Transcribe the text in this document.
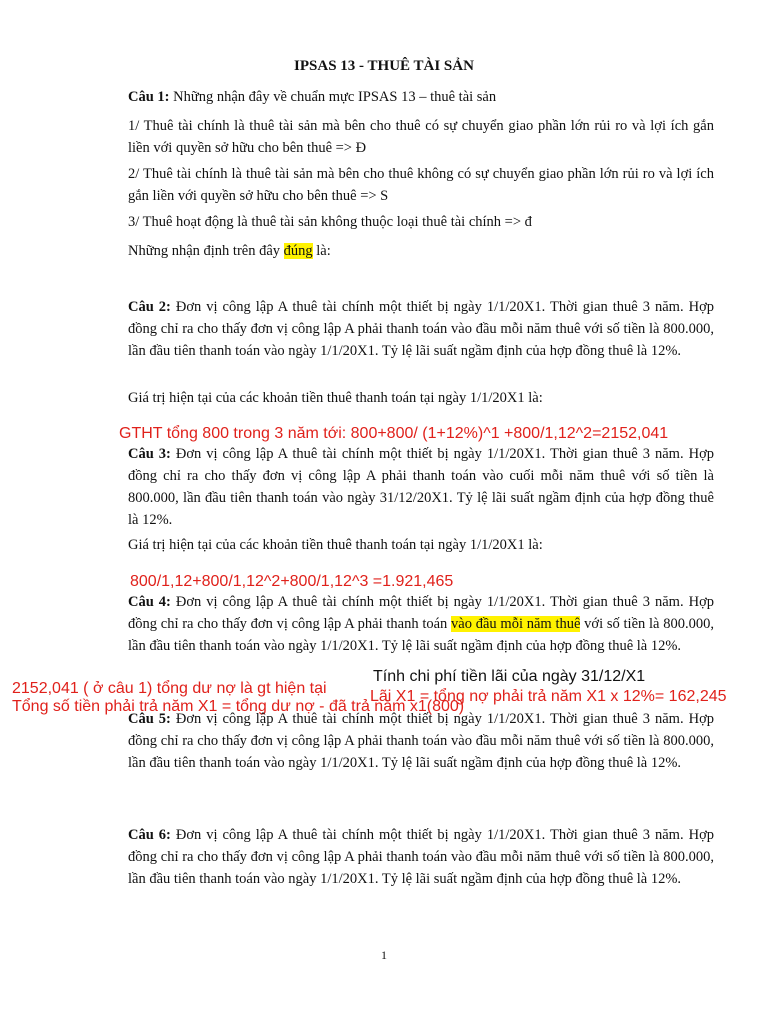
IPSAS 13 - THUÊ TÀI SẢN
Câu 1: Những nhận đây về chuẩn mực IPSAS 13 – thuê tài sản
1/ Thuê tài chính là thuê tài sản mà bên cho thuê có sự chuyển giao phần lớn rủi ro và lợi ích gắn liền với quyền sở hữu cho bên thuê => Đ
2/ Thuê tài chính là thuê tài sản mà bên cho thuê không có sự chuyển giao phần lớn rủi ro và lợi ích gắn liền với quyền sở hữu cho bên thuê => S
3/ Thuê hoạt động là thuê tài sản không thuộc loại thuê tài chính => đ
Những nhận định trên đây đúng là:
Câu 2: Đơn vị công lập A thuê tài chính một thiết bị ngày 1/1/20X1. Thời gian thuê 3 năm. Hợp đồng chỉ ra cho thấy đơn vị công lập A phải thanh toán vào đầu mỗi năm thuê với số tiền là 800.000, lần đầu tiên thanh toán vào ngày 1/1/20X1. Tỷ lệ lãi suất ngầm định của hợp đồng thuê là 12%.
Giá trị hiện tại của các khoản tiền thuê thanh toán tại ngày 1/1/20X1 là:
GTHT tổng 800 trong 3 năm tới: 800+800/ (1+12%)^1 +800/1,12^2=2152,041
Câu 3: Đơn vị công lập A thuê tài chính một thiết bị ngày 1/1/20X1. Thời gian thuê 3 năm. Hợp đồng chỉ ra cho thấy đơn vị công lập A phải thanh toán vào cuối mỗi năm thuê với số tiền là 800.000, lần đầu tiên thanh toán vào ngày 31/12/20X1. Tỷ lệ lãi suất ngầm định của hợp đồng thuê là 12%.
Giá trị hiện tại của các khoản tiền thuê thanh toán tại ngày 1/1/20X1 là:
800/1,12+800/1,12^2+800/1,12^3 =1.921,465
Câu 4: Đơn vị công lập A thuê tài chính một thiết bị ngày 1/1/20X1. Thời gian thuê 3 năm. Hợp đồng chỉ ra cho thấy đơn vị công lập A phải thanh toán vào đầu mỗi năm thuê với số tiền là 800.000, lần đầu tiên thanh toán vào ngày 1/1/20X1. Tỷ lệ lãi suất ngầm định của hợp đồng thuê là 12%.
Tính chi phí tiền lãi của ngày 31/12/X1
2152,041 ( ở câu 1) tổng dư nợ là gt hiện tại	Lãi X1 = tổng nợ phải trả năm X1 x 12%= 162,245
Tổng số tiền phải trả năm X1 = tổng dư nợ - đã trả năm x1(800)
Câu 5: Đơn vị công lập A thuê tài chính một thiết bị ngày 1/1/20X1. Thời gian thuê 3 năm. Hợp đồng chỉ ra cho thấy đơn vị công lập A phải thanh toán vào đầu mỗi năm thuê với số tiền là 800.000, lần đầu tiên thanh toán vào ngày 1/1/20X1. Tỷ lệ lãi suất ngầm định của hợp đồng thuê là 12%.
Câu 6: Đơn vị công lập A thuê tài chính một thiết bị ngày 1/1/20X1. Thời gian thuê 3 năm. Hợp đồng chỉ ra cho thấy đơn vị công lập A phải thanh toán vào đầu mỗi năm thuê với số tiền là 800.000, lần đầu tiên thanh toán vào ngày 1/1/20X1. Tỷ lệ lãi suất ngầm định của hợp đồng thuê là 12%.
1
